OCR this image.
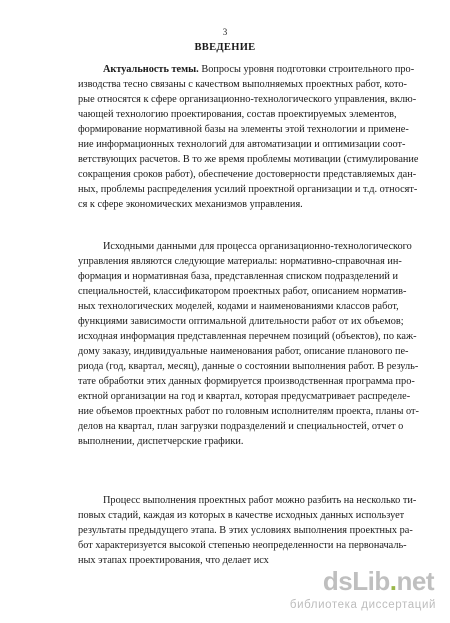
3
ВВЕДЕНИЕ
Актуальность темы. Вопросы уровня подготовки строительного про-
изводства тесно связаны с качеством выполняемых проектных работ, кото-
рые относятся к сфере организационно-технологического управления, вклю-
чающей технологию проектирования, состав проектируемых элементов,
формирование нормативной базы на элементы этой технологии и примене-
ние информационных технологий для автоматизации и оптимизации соот-
ветствующих расчетов. В то же время проблемы мотивации (стимулирование
сокращения сроков работ), обеспечение достоверности представляемых дан-
ных, проблемы распределения усилий проектной организации и т.д. относят-
ся к сфере экономических механизмов управления.
Исходными данными для процесса организационно-технологического
управления являются следующие материалы: нормативно-справочная ин-
формация и нормативная база, представленная списком подразделений и
специальностей, классификатором проектных работ, описанием норматив-
ных технологических моделей, кодами и наименованиями классов работ,
функциями зависимости оптимальной длительности работ от их объемов;
исходная информация представленная перечнем позиций (объектов), по каж-
дому заказу, индивидуальные наименования работ, описание планового пе-
риода (год, квартал, месяц), данные о состоянии выполнения работ. В резуль-
тате обработки этих данных формируется производственная программа про-
ектной организации на год и квартал, которая предусматривает распределе-
ние объемов проектных работ по головным исполнителям проекта, планы от-
делов на квартал, план загрузки подразделений и специальностей, отчет о
выполнении, диспетчерские графики.
Процесс выполнения проектных работ можно разбить на несколько ти-
повых стадий, каждая из которых в качестве исходных данных использует
результаты предыдущего этапа. В этих условиях выполнения проектных ра-
бот характеризуется высокой степенью неопределенности на первоначаль-
ных этапах проектирования, что делает исх
dsLib.net
библиотека диссертаций
